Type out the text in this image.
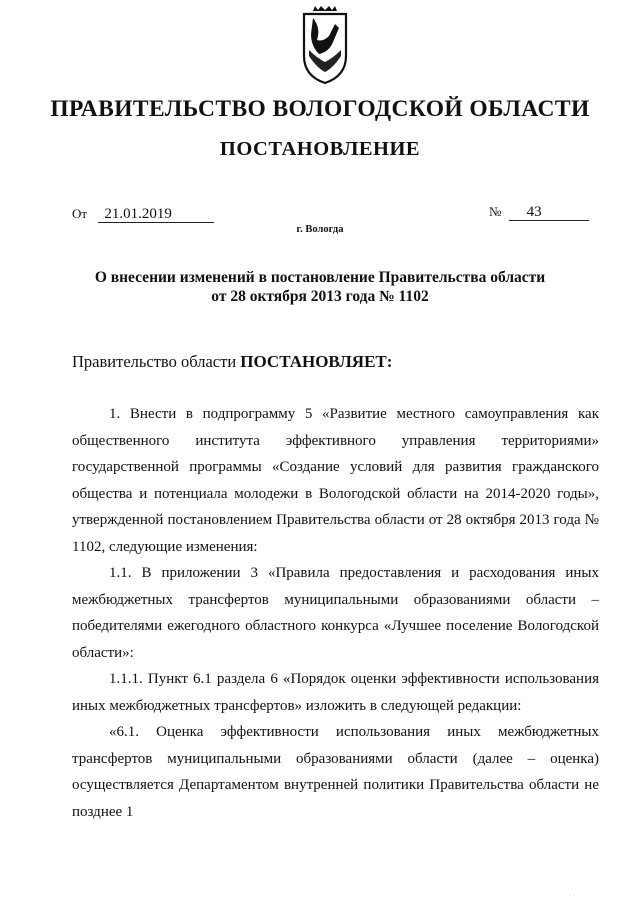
ПРАВИТЕЛЬСТВО ВОЛОГОДСКОЙ ОБЛАСТИ
ПОСТАНОВЛЕНИЕ
От 21.01.2019	№ 43
г. Вологда
О внесении изменений в постановление Правительства области
от 28 октября 2013 года № 1102
Правительство области ПОСТАНОВЛЯЕТ:

1. Внести в подпрограмму 5 «Развитие местного самоуправления как общественного института эффективного управления территориями» государственной программы «Создание условий для развития гражданского общества и потенциала молодежи в Вологодской области на 2014-2020 годы», утвержденной постановлением Правительства области от 28 октября 2013 года № 1102, следующие изменения:

1.1. В приложении 3 «Правила предоставления и расходования иных межбюджетных трансфертов муниципальными образованиями области – победителями ежегодного областного конкурса «Лучшее поселение Вологодской области»:

1.1.1. Пункт 6.1 раздела 6 «Порядок оценки эффективности использования иных межбюджетных трансфертов» изложить в следующей редакции:

«6.1. Оценка эффективности использования иных межбюджетных трансфертов муниципальными образованиями области (далее – оценка) осуществляется Департаментом внутренней политики Правительства области не позднее 1

· ·
